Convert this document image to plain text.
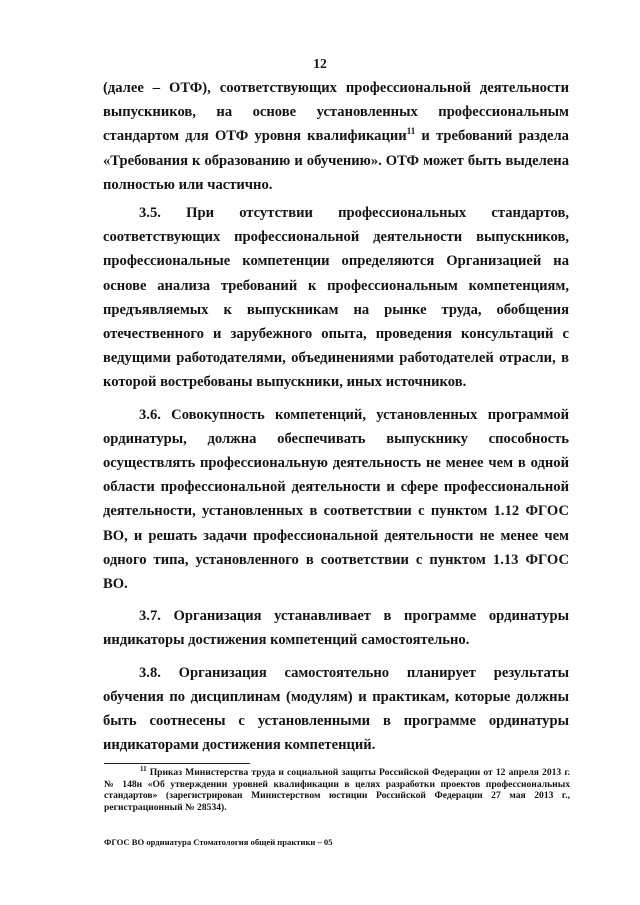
12

(далее – ОТФ), соответствующих профессиональной деятельности выпускников, на основе установленных профессиональным стандартом для ОТФ уровня квалификации$^{11}$ и требований раздела «Требования к образованию и обучению». ОТФ может быть выделена полностью или частично.

3.5. При отсутствии профессиональных стандартов, соответствующих профессиональной деятельности выпускников, профессиональные компетенции определяются Организацией на основе анализа требований к профессиональным компетенциям, предъявляемых к выпускникам на рынке труда, обобщения отечественного и зарубежного опыта, проведения консультаций с ведущими работодателями, объединениями работодателей отрасли, в которой востребованы выпускники, иных источников.

3.6. Совокупность компетенций, установленных программой ординатуры, должна обеспечивать выпускнику способность осуществлять профессиональную деятельность не менее чем в одной области профессиональной деятельности и сфере профессиональной деятельности, установленных в соответствии с пунктом 1.12 ФГОС ВО, и решать задачи профессиональной деятельности не менее чем одного типа, установленного в соответствии с пунктом 1.13 ФГОС ВО.

3.7. Организация устанавливает в программе ординатуры индикаторы достижения компетенций самостоятельно.

3.8. Организация самостоятельно планирует результаты обучения по дисциплинам (модулям) и практикам, которые должны быть соотнесены с установленными в программе ординатуры индикаторами достижения компетенций.

$^{11}$ Приказ Министерства труда и социальной защиты Российской Федерации от 12 апреля 2013 г. № 148н «Об утверждении уровней квалификации в целях разработки проектов профессиональных стандартов» (зарегистрирован Министерством юстиции Российской Федерации 27 мая 2013 г., регистрационный № 28534).

ФГОС ВО ординатура Стоматология общей практики – 05
